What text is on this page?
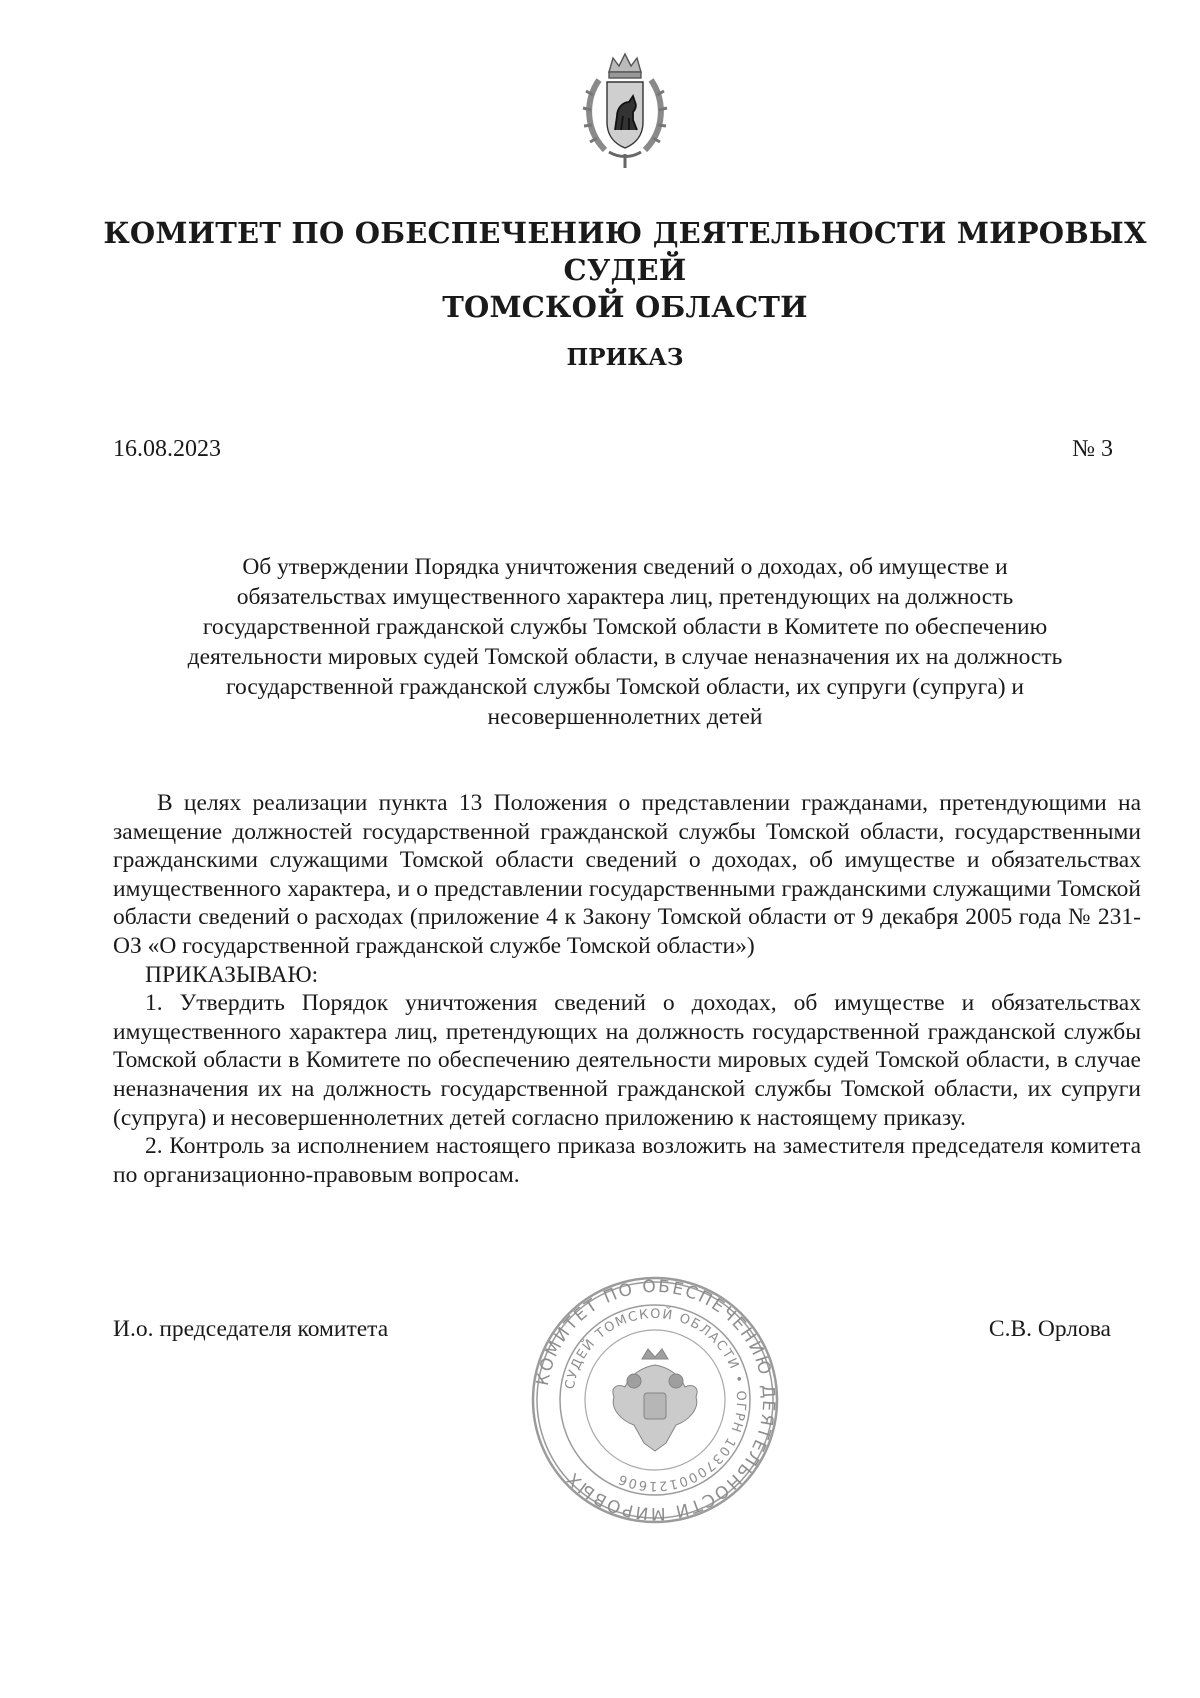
КОМИТЕТ ПО ОБЕСПЕЧЕНИЮ ДЕЯТЕЛЬНОСТИ МИРОВЫХ СУДЕЙ
ТОМСКОЙ ОБЛАСТИ
ПРИКАЗ
16.08.2023	№ 3
Об утверждении Порядка уничтожения сведений о доходах, об имуществе и
обязательствах имущественного характера лиц, претендующих на должность
государственной гражданской службы Томской области в Комитете по обеспечению
деятельности мировых судей Томской области, в случае неназначения их на должность
государственной гражданской службы Томской области, их супруги (супруга) и
несовершеннолетних детей

В целях реализации пункта 13 Положения о представлении гражданами, претендующими на замещение должностей государственной гражданской службы Томской области, государственными гражданскими служащими Томской области сведений о доходах, об имуществе и обязательствах имущественного характера, и о представлении государственными гражданскими служащими Томской области сведений о расходах (приложение 4 к Закону Томской области от 9 декабря 2005 года № 231-ОЗ «О государственной гражданской службе Томской области»)

ПРИКАЗЫВАЮ:

1. Утвердить Порядок уничтожения сведений о доходах, об имуществе и обязательствах имущественного характера лиц, претендующих на должность государственной гражданской службы Томской области в Комитете по обеспечению деятельности мировых судей Томской области, в случае неназначения их на должность государственной гражданской службы Томской области, их супруги (супруга) и несовершеннолетних детей согласно приложению к настоящему приказу.

2. Контроль за исполнением настоящего приказа возложить на заместителя председателя комитета по организационно-правовым вопросам.

И.о. председателя комитета	С.В. Орлова
КОМИТЕТ ПО ОБЕСПЕЧЕНИЮ ДЕЯТЕЛЬНОСТИ МИРОВЫХ
СУДЕЙ ТОМСКОЙ ОБЛАСТИ • ОГРН 1037000121606
